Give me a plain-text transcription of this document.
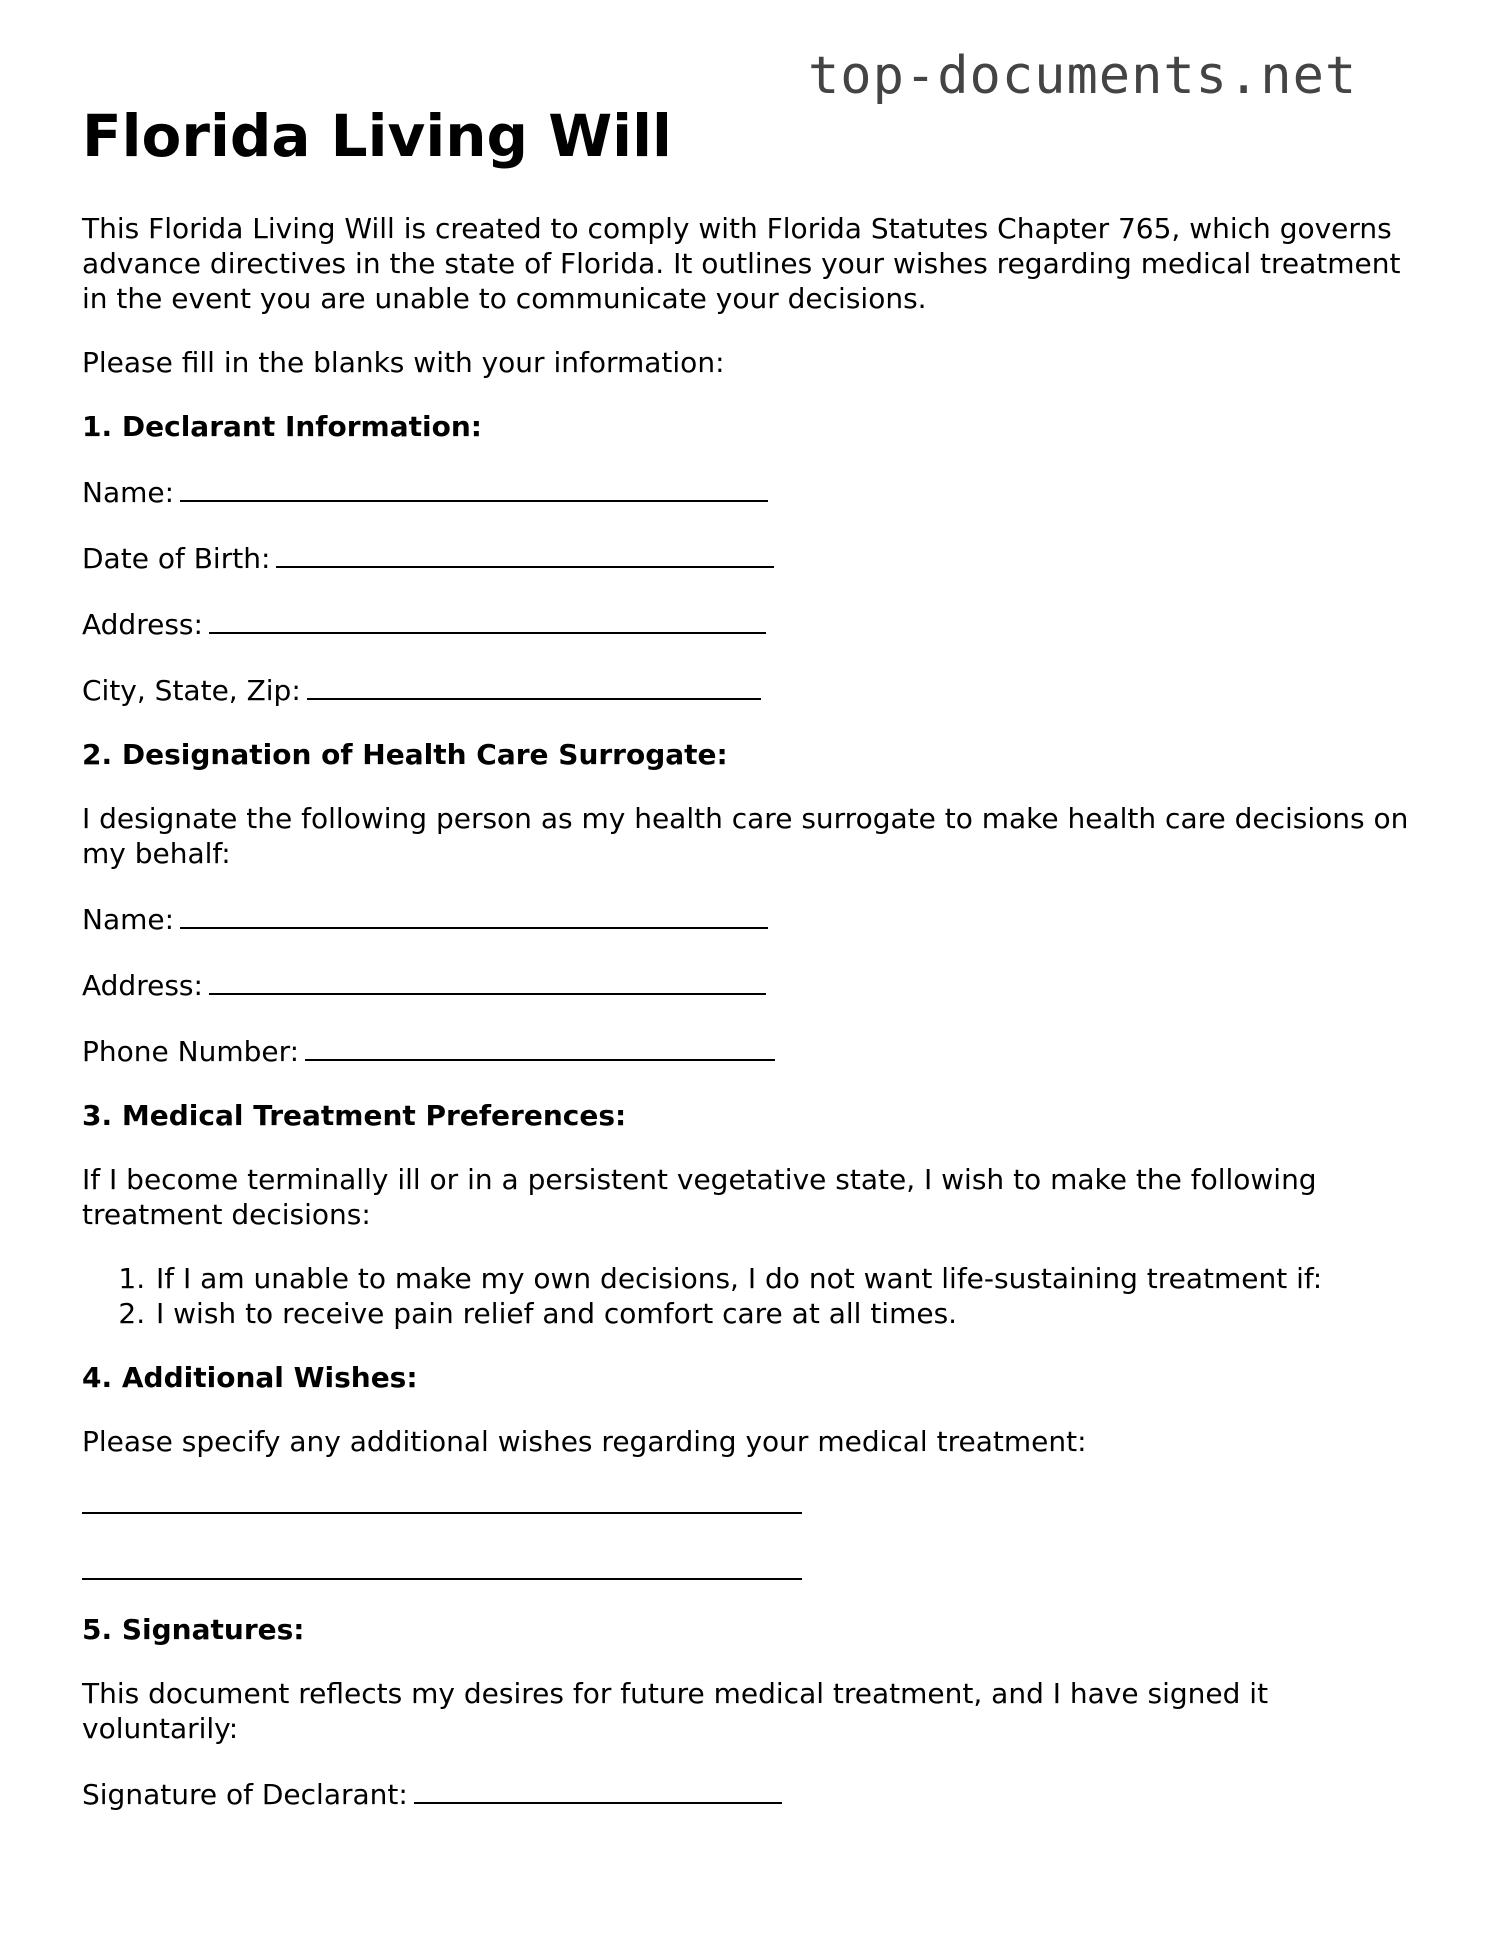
top-documents.net
Florida Living Will

This Florida Living Will is created to comply with Florida Statutes Chapter 765, which governs advance directives in the state of Florida. It outlines your wishes regarding medical treatment in the event you are unable to communicate your decisions.

Please fill in the blanks with your information:

1. Declarant Information:

Name:

Date of Birth:

Address:

City, State, Zip:

2. Designation of Health Care Surrogate:

I designate the following person as my health care surrogate to make health care decisions on my behalf:

Name:

Address:

Phone Number:

3. Medical Treatment Preferences:

If I become terminally ill or in a persistent vegetative state, I wish to make the following treatment decisions:

1. If I am unable to make my own decisions, I do not want life-sustaining treatment if:
2. I wish to receive pain relief and comfort care at all times.

4. Additional Wishes:

Please specify any additional wishes regarding your medical treatment:

5. Signatures:

This document reflects my desires for future medical treatment, and I have signed it voluntarily:

Signature of Declarant:
